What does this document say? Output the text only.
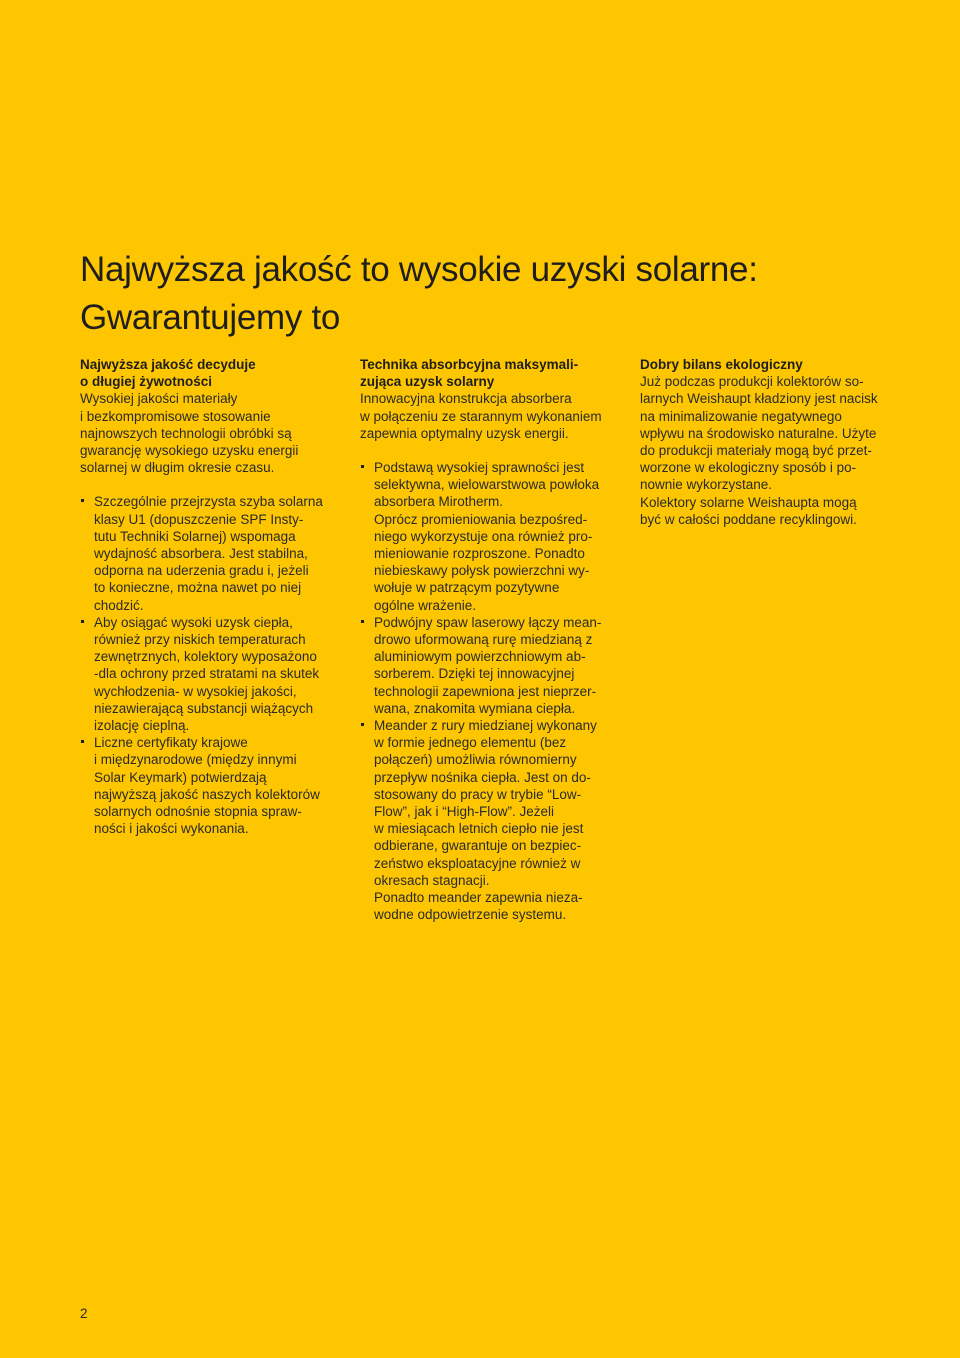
Najwyższa jakość to wysokie uzyski solarne:
Gwarantujemy to
Najwyższa jakość decyduje
o długiej żywotności

Wysokiej jakości materiały
i bezkompromisowe stosowanie
najnowszych technologii obróbki są
gwarancję wysokiego uzysku energii
solarnej w długim okresie czasu.

Szczególnie przejrzysta szyba solarna
klasy U1 (dopuszczenie SPF Insty-
tutu Techniki Solarnej) wspomaga
wydajność absorbera. Jest stabilna,
odporna na uderzenia gradu i, jeżeli
to konieczne, można nawet po niej
chodzić.
Aby osiągać wysoki uzysk ciepła,
również przy niskich temperaturach
zewnętrznych, kolektory wyposażono
-dla ochrony przed stratami na skutek
wychłodzenia- w wysokiej jakości,
niezawierającą substancji wiążących
izolację cieplną.
Liczne certyfikaty krajowe
i międzynarodowe (między innymi
Solar Keymark) potwierdzają
najwyższą jakość naszych kolektorów
solarnych odnośnie stopnia spraw-
ności i jakości wykonania.
Technika absorbcyjna maksymali-
zująca uzysk solarny

Innowacyjna konstrukcja absorbera
w połączeniu ze starannym wykonaniem
zapewnia optymalny uzysk energii.

Podstawą wysokiej sprawności jest
selektywna, wielowarstwowa powłoka
absorbera Mirotherm.
Oprócz promieniowania bezpośred-
niego wykorzystuje ona również pro-
mieniowanie rozproszone. Ponadto
niebieskawy połysk powierzchni wy-
wołuje w patrzącym pozytywne
ogólne wrażenie.
Podwójny spaw laserowy łączy mean-
drowo uformowaną rurę miedzianą z
aluminiowym powierzchniowym ab-
sorberem. Dzięki tej innowacyjnej
technologii zapewniona jest nieprzer-
wana, znakomita wymiana ciepła.
Meander z rury miedzianej wykonany
w formie jednego elementu (bez
połączeń) umożliwia równomierny
przepływ nośnika ciepła. Jest on do-
stosowany do pracy w trybie “Low-
Flow”, jak i “High-Flow”. Jeżeli
w miesiącach letnich ciepło nie jest
odbierane, gwarantuje on bezpiec-
zeństwo eksploatacyjne również w
okresach stagnacji.
Ponadto meander zapewnia nieza-
wodne odpowietrzenie systemu.
Dobry bilans ekologiczny

Już podczas produkcji kolektorów so-
larnych Weishaupt kładziony jest nacisk
na minimalizowanie negatywnego
wpływu na środowisko naturalne. Użyte
do produkcji materiały mogą być przet-
worzone w ekologiczny sposób i po-
nownie wykorzystane.
Kolektory solarne Weishaupta mogą
być w całości poddane recyklingowi.

2
